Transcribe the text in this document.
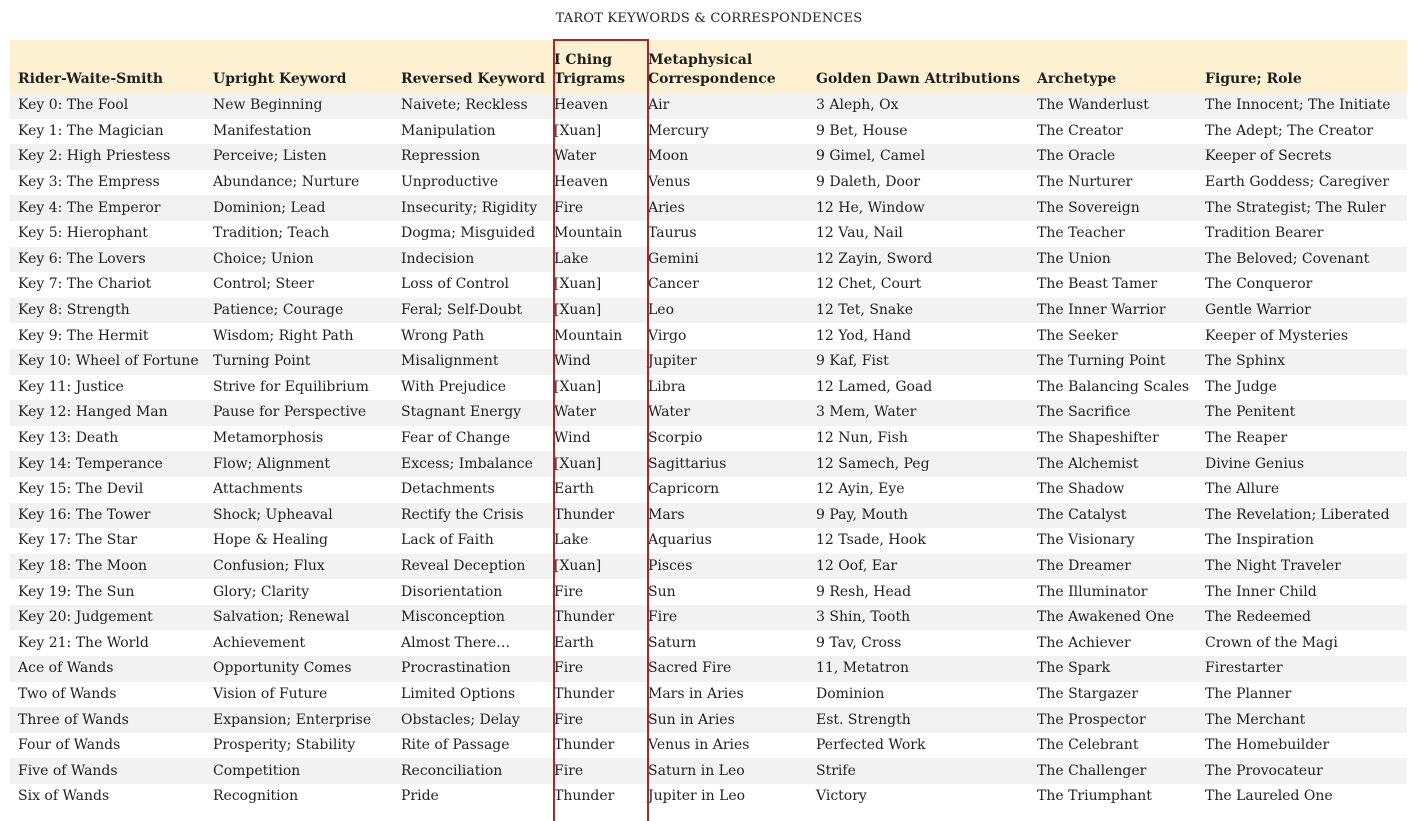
TAROT KEYWORDS & CORRESPONDENCES
Rider-Waite-Smith	Upright Keyword	Reversed Keyword	I Ching Trigrams	Metaphysical Correspondence	Golden Dawn Attributions	Archetype	Figure; Role
Key 0: The Fool	New Beginning	Naivete; Reckless	Heaven	Air	3 Aleph, Ox	The Wanderlust	The Innocent; The Initiate
Key 1: The Magician	Manifestation	Manipulation	[Xuan]	Mercury	9 Bet, House	The Creator	The Adept; The Creator
Key 2: High Priestess	Perceive; Listen	Repression	Water	Moon	9 Gimel, Camel	The Oracle	Keeper of Secrets
Key 3: The Empress	Abundance; Nurture	Unproductive	Heaven	Venus	9 Daleth, Door	The Nurturer	Earth Goddess; Caregiver
Key 4: The Emperor	Dominion; Lead	Insecurity; Rigidity	Fire	Aries	12 He, Window	The Sovereign	The Strategist; The Ruler
Key 5: Hierophant	Tradition; Teach	Dogma; Misguided	Mountain	Taurus	12 Vau, Nail	The Teacher	Tradition Bearer
Key 6: The Lovers	Choice; Union	Indecision	Lake	Gemini	12 Zayin, Sword	The Union	The Beloved; Covenant
Key 7: The Chariot	Control; Steer	Loss of Control	[Xuan]	Cancer	12 Chet, Court	The Beast Tamer	The Conqueror
Key 8: Strength	Patience; Courage	Feral; Self-Doubt	[Xuan]	Leo	12 Tet, Snake	The Inner Warrior	Gentle Warrior
Key 9: The Hermit	Wisdom; Right Path	Wrong Path	Mountain	Virgo	12 Yod, Hand	The Seeker	Keeper of Mysteries
Key 10: Wheel of Fortune	Turning Point	Misalignment	Wind	Jupiter	9 Kaf, Fist	The Turning Point	The Sphinx
Key 11: Justice	Strive for Equilibrium	With Prejudice	[Xuan]	Libra	12 Lamed, Goad	The Balancing Scales	The Judge
Key 12: Hanged Man	Pause for Perspective	Stagnant Energy	Water	Water	3 Mem, Water	The Sacrifice	The Penitent
Key 13: Death	Metamorphosis	Fear of Change	Wind	Scorpio	12 Nun, Fish	The Shapeshifter	The Reaper
Key 14: Temperance	Flow; Alignment	Excess; Imbalance	[Xuan]	Sagittarius	12 Samech, Peg	The Alchemist	Divine Genius
Key 15: The Devil	Attachments	Detachments	Earth	Capricorn	12 Ayin, Eye	The Shadow	The Allure
Key 16: The Tower	Shock; Upheaval	Rectify the Crisis	Thunder	Mars	9 Pay, Mouth	The Catalyst	The Revelation; Liberated
Key 17: The Star	Hope & Healing	Lack of Faith	Lake	Aquarius	12 Tsade, Hook	The Visionary	The Inspiration
Key 18: The Moon	Confusion; Flux	Reveal Deception	[Xuan]	Pisces	12 Oof, Ear	The Dreamer	The Night Traveler
Key 19: The Sun	Glory; Clarity	Disorientation	Fire	Sun	9 Resh, Head	The Illuminator	The Inner Child
Key 20: Judgement	Salvation; Renewal	Misconception	Thunder	Fire	3 Shin, Tooth	The Awakened One	The Redeemed
Key 21: The World	Achievement	Almost There…	Earth	Saturn	9 Tav, Cross	The Achiever	Crown of the Magi
Ace of Wands	Opportunity Comes	Procrastination	Fire	Sacred Fire	11, Metatron	The Spark	Firestarter
Two of Wands	Vision of Future	Limited Options	Thunder	Mars in Aries	Dominion	The Stargazer	The Planner
Three of Wands	Expansion; Enterprise	Obstacles; Delay	Fire	Sun in Aries	Est. Strength	The Prospector	The Merchant
Four of Wands	Prosperity; Stability	Rite of Passage	Thunder	Venus in Aries	Perfected Work	The Celebrant	The Homebuilder
Five of Wands	Competition	Reconciliation	Fire	Saturn in Leo	Strife	The Challenger	The Provocateur
Six of Wands	Recognition	Pride	Thunder	Jupiter in Leo	Victory	The Triumphant	The Laureled One
